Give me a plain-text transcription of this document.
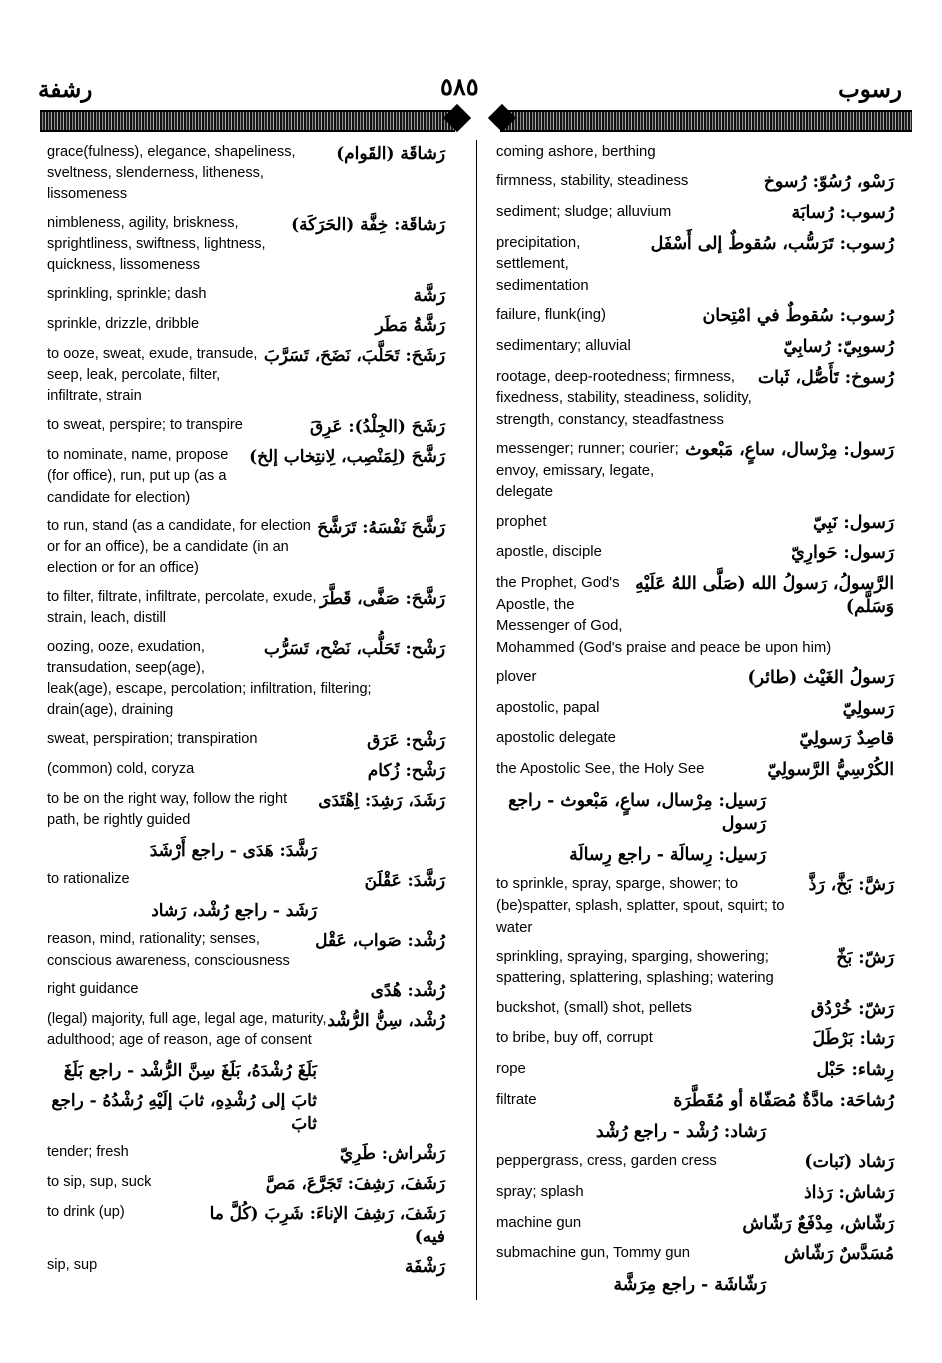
رشفة	٥٨٥	رسوب
رَشاقَة (القَوام)
grace(fulness), elegance, shapeliness, sveltness, slenderness, litheness, lissomeness
رَشاقَة: خِفَّة (الحَرَكَة)
nimbleness, agility, briskness, sprightliness, swiftness, lightness, quickness, lissomeness
رَشَّة
sprinkling, sprinkle; dash
رَشَّةُ مَطَر
sprinkle, drizzle, dribble
رَشَحَ: تَحَلَّبَ، نَضَحَ، تَسَرَّبَ
to ooze, sweat, exude, transude, seep, leak, percolate, filter, infiltrate, strain
رَشَحَ (الجِلْدُ): عَرِقَ
to sweat, perspire; to transpire
رَشَّحَ (لِمَنْصِب، لِانتِخاب إلخ)
to nominate, name, propose (for office), run, put up (as a candidate for election)
رَشَّحَ نَفْسَهُ: تَرَشَّحَ
to run, stand (as a candidate, for election or for an office), be a candidate (in an election or for an office)
رَشَّحَ: صَفَّى، قَطَّرَ
to filter, filtrate, infiltrate, percolate, exude, strain, leach, distill
رَشْح: تَحَلُّب، نَضْح، تَسَرُّب
oozing, ooze, exudation, transudation, seep(age), leak(age), escape, percolation; infiltration, filtering; drain(age), draining
رَشْح: عَرَق
sweat, perspiration; transpiration
رَشْح: زُكام
(common) cold, coryza
رَشَدَ، رَشِدَ: اِهْتَدَى
to be on the right way, follow the right path, be rightly guided
رَشَّدَ: هَدَى - راجع أَرْشَدَ
رَشَّدَ: عَقْلَنَ
to rationalize
رَشَد - راجع رُشْد، رَشاد
رُشْد: صَواب، عَقْل
reason, mind, rationality; senses, conscious awareness, consciousness
رُشْد: هُدًى
right guidance
رُشْد، سِنُّ الرُّشْد
(legal) majority, full age, legal age, maturity, adulthood; age of reason, age of consent
بَلَغَ رُشْدَهُ، بَلَغَ سِنَّ الرُّشْد - راجع بَلَغَ
ثابَ إلى رُشْدِهِ، ثابَ إلَيْهِ رُشْدُهُ - راجع ثابَ
رَشْراش: طَرِيّ
tender; fresh
رَشَفَ، رَشِفَ: تَجَرَّعَ، مَصَّ
to sip, sup, suck
رَشَفَ، رَشِفَ الإناءَ: شَرِبَ (كُلَّ ما فيه)
to drink (up)
رَشْفَة
sip, sup
coming ashore, berthing
رَسْو، رُسُوّ: رُسوخ
firmness, stability, steadiness
رُسوب: رُسابَة
sediment; sludge; alluvium
رُسوب: تَرَسُّب، سُقوطٌ إلى أَسْفَل
precipitation, settlement, sedimentation
رُسوب: سُقوطٌ في امْتِحان
failure, flunk(ing)
رُسوبِيّ: رُسابِيّ
sedimentary; alluvial
رُسوخ: تَأَصُّل، ثَبات
rootage, deep-rootedness; firmness, fixedness, stability, steadiness, solidity, strength, constancy, steadfastness
رَسول: مِرْسال، ساعٍ، مَبْعوث
messenger; runner; courier; envoy, emissary, legate, delegate
رَسول: نَبِيّ
prophet
رَسول: حَوارِيّ
apostle, disciple
الرَّسولُ، رَسولُ الله (صَلَّى اللهُ عَلَيْهِ وَسَلَّم)
the Prophet, God's Apostle, the Messenger of God, Mohammed (God's praise and peace be upon him)
رَسولُ الغَيْث (طائر)
plover
رَسولِيّ
apostolic, papal
قاصِدٌ رَسولِيّ
apostolic delegate
الكُرْسِيُّ الرَّسولِيّ
the Apostolic See, the Holy See
رَسيل: مِرْسال، ساعٍ، مَبْعوث - راجع رَسول
رَسيل: رِسالَة - راجع رِسالَة
رَشَّ: بَخَّ، رَذَّ
to sprinkle, spray, sparge, shower; to (be)spatter, splash, splatter, spout, squirt; to water
رَشّ: بَخّ
sprinkling, spraying, sparging, showering; spattering, splattering, splashing; watering
رَشّ: خُرْدُق
buckshot, (small) shot, pellets
رَشا: بَرْطَلَ
to bribe, buy off, corrupt
رِشاء: حَبْل
rope
رُشاحَة: مادَّةٌ مُصَفّاة أو مُقَطَّرَة
filtrate
رَشاد: رُشْد - راجع رُشْد
رَشاد (نَبات)
peppergrass, cress, garden cress
رَشاش: رَذاذ
spray; splash
رَشّاش، مِدْفَعٌ رَشّاش
machine gun
مُسَدَّسٌ رَشّاش
submachine gun, Tommy gun
رَشّاشَة - راجع مِرَشَّة
